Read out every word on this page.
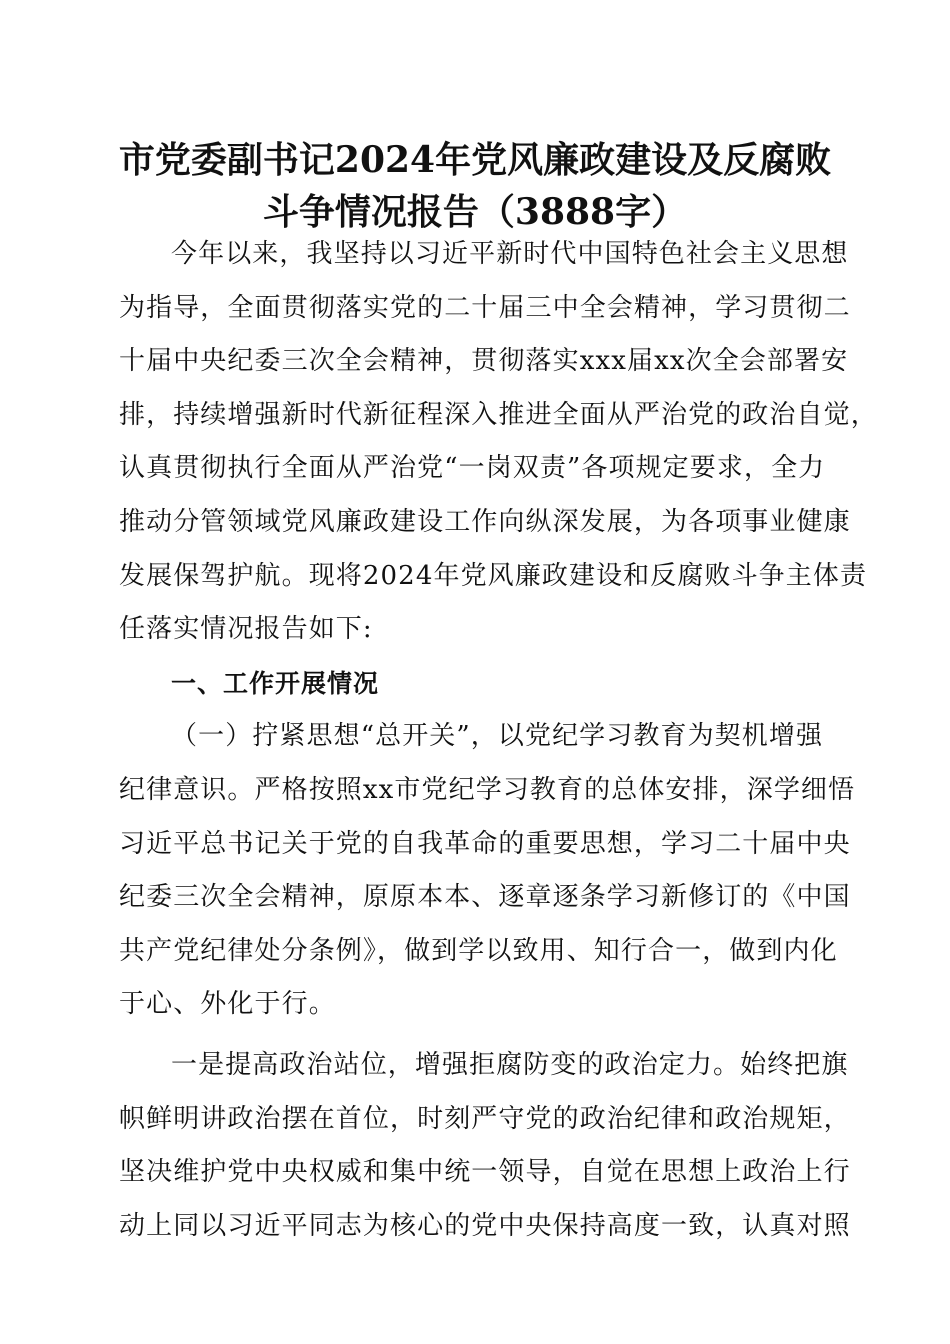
市党委副书记2024年党风廉政建设及反腐败
斗争情况报告（3888字）
今年以来，我坚持以习近平新时代中国特色社会主义思想
为指导，全面贯彻落实党的二十届三中全会精神，学习贯彻二
十届中央纪委三次全会精神，贯彻落实xxx届xx次全会部署安
排，持续增强新时代新征程深入推进全面从严治党的政治自觉，
认真贯彻执行全面从严治党“一岗双责”各项规定要求，全力
推动分管领域党风廉政建设工作向纵深发展，为各项事业健康
发展保驾护航。现将2024年党风廉政建设和反腐败斗争主体责
任落实情况报告如下:
一、工作开展情况
（一）拧紧思想“总开关”，以党纪学习教育为契机增强
纪律意识。严格按照xx市党纪学习教育的总体安排，深学细悟
习近平总书记关于党的自我革命的重要思想，学习二十届中央
纪委三次全会精神，原原本本、逐章逐条学习新修订的《中国
共产党纪律处分条例》，做到学以致用、知行合一，做到内化
于心、外化于行。
一是提高政治站位，增强拒腐防变的政治定力。始终把旗
帜鲜明讲政治摆在首位，时刻严守党的政治纪律和政治规矩，
坚决维护党中央权威和集中统一领导，自觉在思想上政治上行
动上同以习近平同志为核心的党中央保持高度一致，认真对照
